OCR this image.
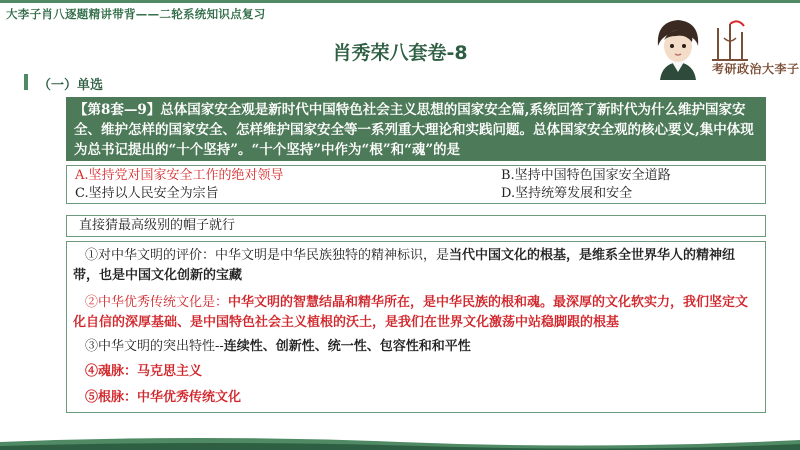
大李子肖八逐题精讲带背——二轮系统知识点复习
肖秀荣八套卷-8
考研政治大李子
（一）单选
【第8套—9】总体国家安全观是新时代中国特色社会主义思想的国家安全篇,系统回答了新时代为什么维护国家安全、维护怎样的国家安全、怎样维护国家安全等一系列重大理论和实践问题。总体国家安全观的核心要义,集中体现为总书记提出的“十个坚持”。“十个坚持”中作为“根”和“魂”的是
A.坚持党对国家安全工作的绝对领导	B.坚持中国特色国家安全道路
C.坚持以人民安全为宗旨	D.坚持统筹发展和安全
直接猜最高级别的帽子就行
①对中华文明的评价：中华文明是中华民族独特的精神标识，是当代中国文化的根基，是维系全世界华人的精神纽带，也是中国文化创新的宝藏
②中华优秀传统文化是：中华文明的智慧结晶和精华所在，是中华民族的根和魂。最深厚的文化软实力，我们坚定文化自信的深厚基础、是中国特色社会主义植根的沃土，是我们在世界文化激荡中站稳脚跟的根基
③中华文明的突出特性--连续性、创新性、统一性、包容性和和平性
④魂脉：马克思主义
⑤根脉：中华优秀传统文化
